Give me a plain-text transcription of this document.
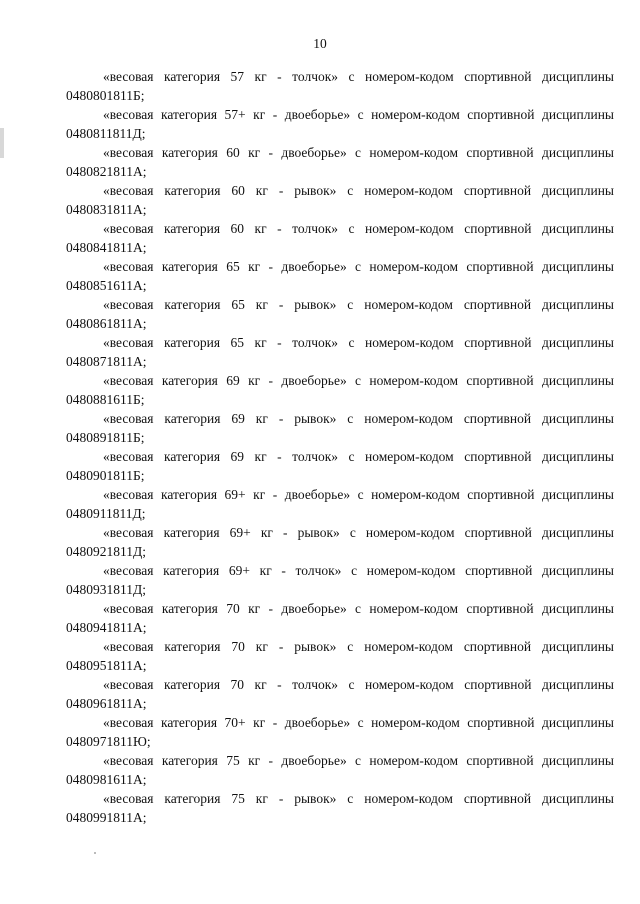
10

«весовая категория 57 кг - толчок» с номером-кодом спортивной дисциплины 0480801811Б;

«весовая категория 57+ кг - двоеборье» с номером-кодом спортивной дисциплины 0480811811Д;

«весовая категория 60 кг - двоеборье» с номером-кодом спортивной дисциплины 0480821811А;

«весовая категория 60 кг - рывок» с номером-кодом спортивной дисциплины 0480831811А;

«весовая категория 60 кг - толчок» с номером-кодом спортивной дисциплины 0480841811А;

«весовая категория 65 кг - двоеборье» с номером-кодом спортивной дисциплины 0480851611А;

«весовая категория 65 кг - рывок» с номером-кодом спортивной дисциплины 0480861811А;

«весовая категория 65 кг - толчок» с номером-кодом спортивной дисциплины 0480871811А;

«весовая категория 69 кг - двоеборье» с номером-кодом спортивной дисциплины 0480881611Б;

«весовая категория 69 кг - рывок» с номером-кодом спортивной дисциплины 0480891811Б;

«весовая категория 69 кг - толчок» с номером-кодом спортивной дисциплины 0480901811Б;

«весовая категория 69+ кг - двоеборье» с номером-кодом спортивной дисциплины 0480911811Д;

«весовая категория 69+ кг - рывок» с номером-кодом спортивной дисциплины 0480921811Д;

«весовая категория 69+ кг - толчок» с номером-кодом спортивной дисциплины 0480931811Д;

«весовая категория 70 кг - двоеборье» с номером-кодом спортивной дисциплины 0480941811А;

«весовая категория 70 кг - рывок» с номером-кодом спортивной дисциплины 0480951811А;

«весовая категория 70 кг - толчок» с номером-кодом спортивной дисциплины 0480961811А;

«весовая категория 70+ кг - двоеборье» с номером-кодом спортивной дисциплины 0480971811Ю;

«весовая категория 75 кг - двоеборье» с номером-кодом спортивной дисциплины 0480981611А;

«весовая категория 75 кг - рывок» с номером-кодом спортивной дисциплины 0480991811А;
